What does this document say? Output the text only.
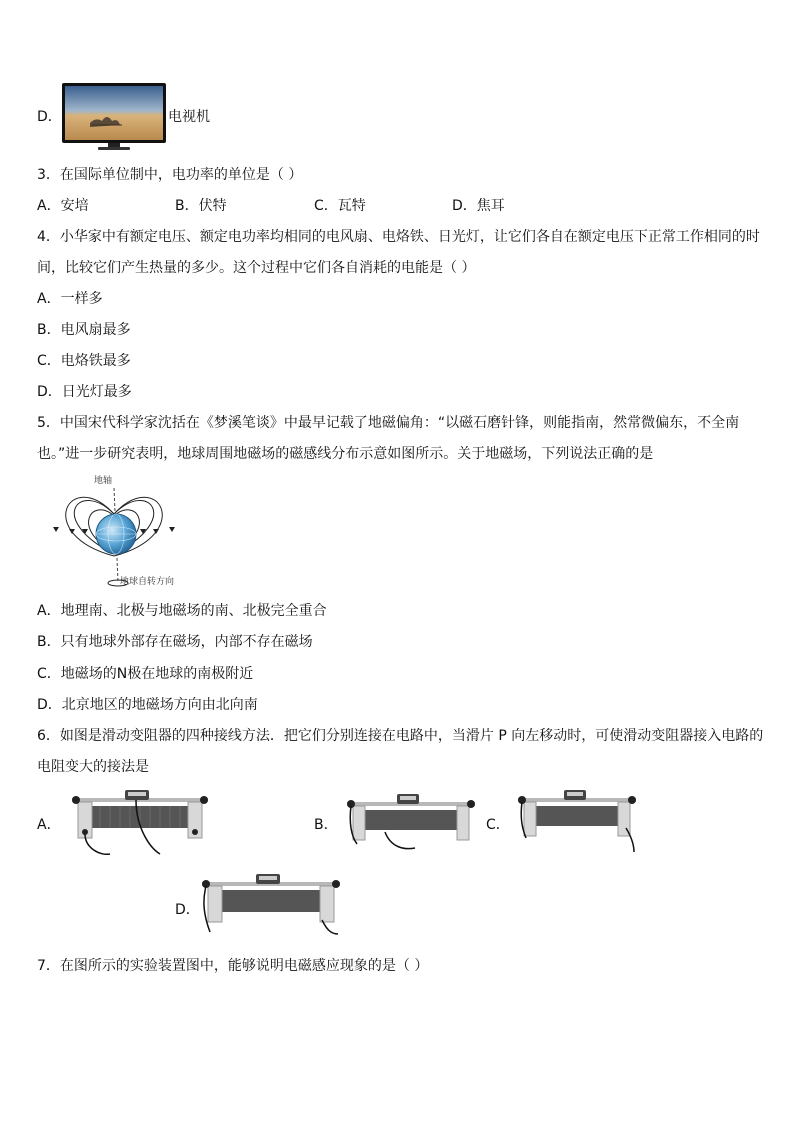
D．	电视机
3．在国际单位制中，电功率的单位是（ ）
A．安培	B．伏特	C．瓦特	D．焦耳
4．小华家中有额定电压、额定电功率均相同的电风扇、电烙铁、日光灯，让它们各自在额定电压下正常工作相同的时
间，比较它们产生热量的多少。这个过程中它们各自消耗的电能是（ ）
A．一样多
B．电风扇最多
C．电烙铁最多
D．日光灯最多
5．中国宋代科学家沈括在《梦溪笔谈》中最早记载了地磁偏角：“以磁石磨针锋，则能指南，然常微偏东，不全南
也。”进一步研究表明，地球周围地磁场的磁感线分布示意如图所示。关于地磁场，下列说法正确的是
地轴
地球自转方向
A．地理南、北极与地磁场的南、北极完全重合
B．只有地球外部存在磁场，内部不存在磁场
C．地磁场的N极在地球的南极附近
D．北京地区的地磁场方向由北向南
6．如图是滑动变阻器的四种接线方法．把它们分别连接在电路中，当滑片 P 向左移动时，可使滑动变阻器接入电路的
电阻变大的接法是
A．	B．	C．
D．
7．在图所示的实验装置图中，能够说明电磁感应现象的是（ ）
